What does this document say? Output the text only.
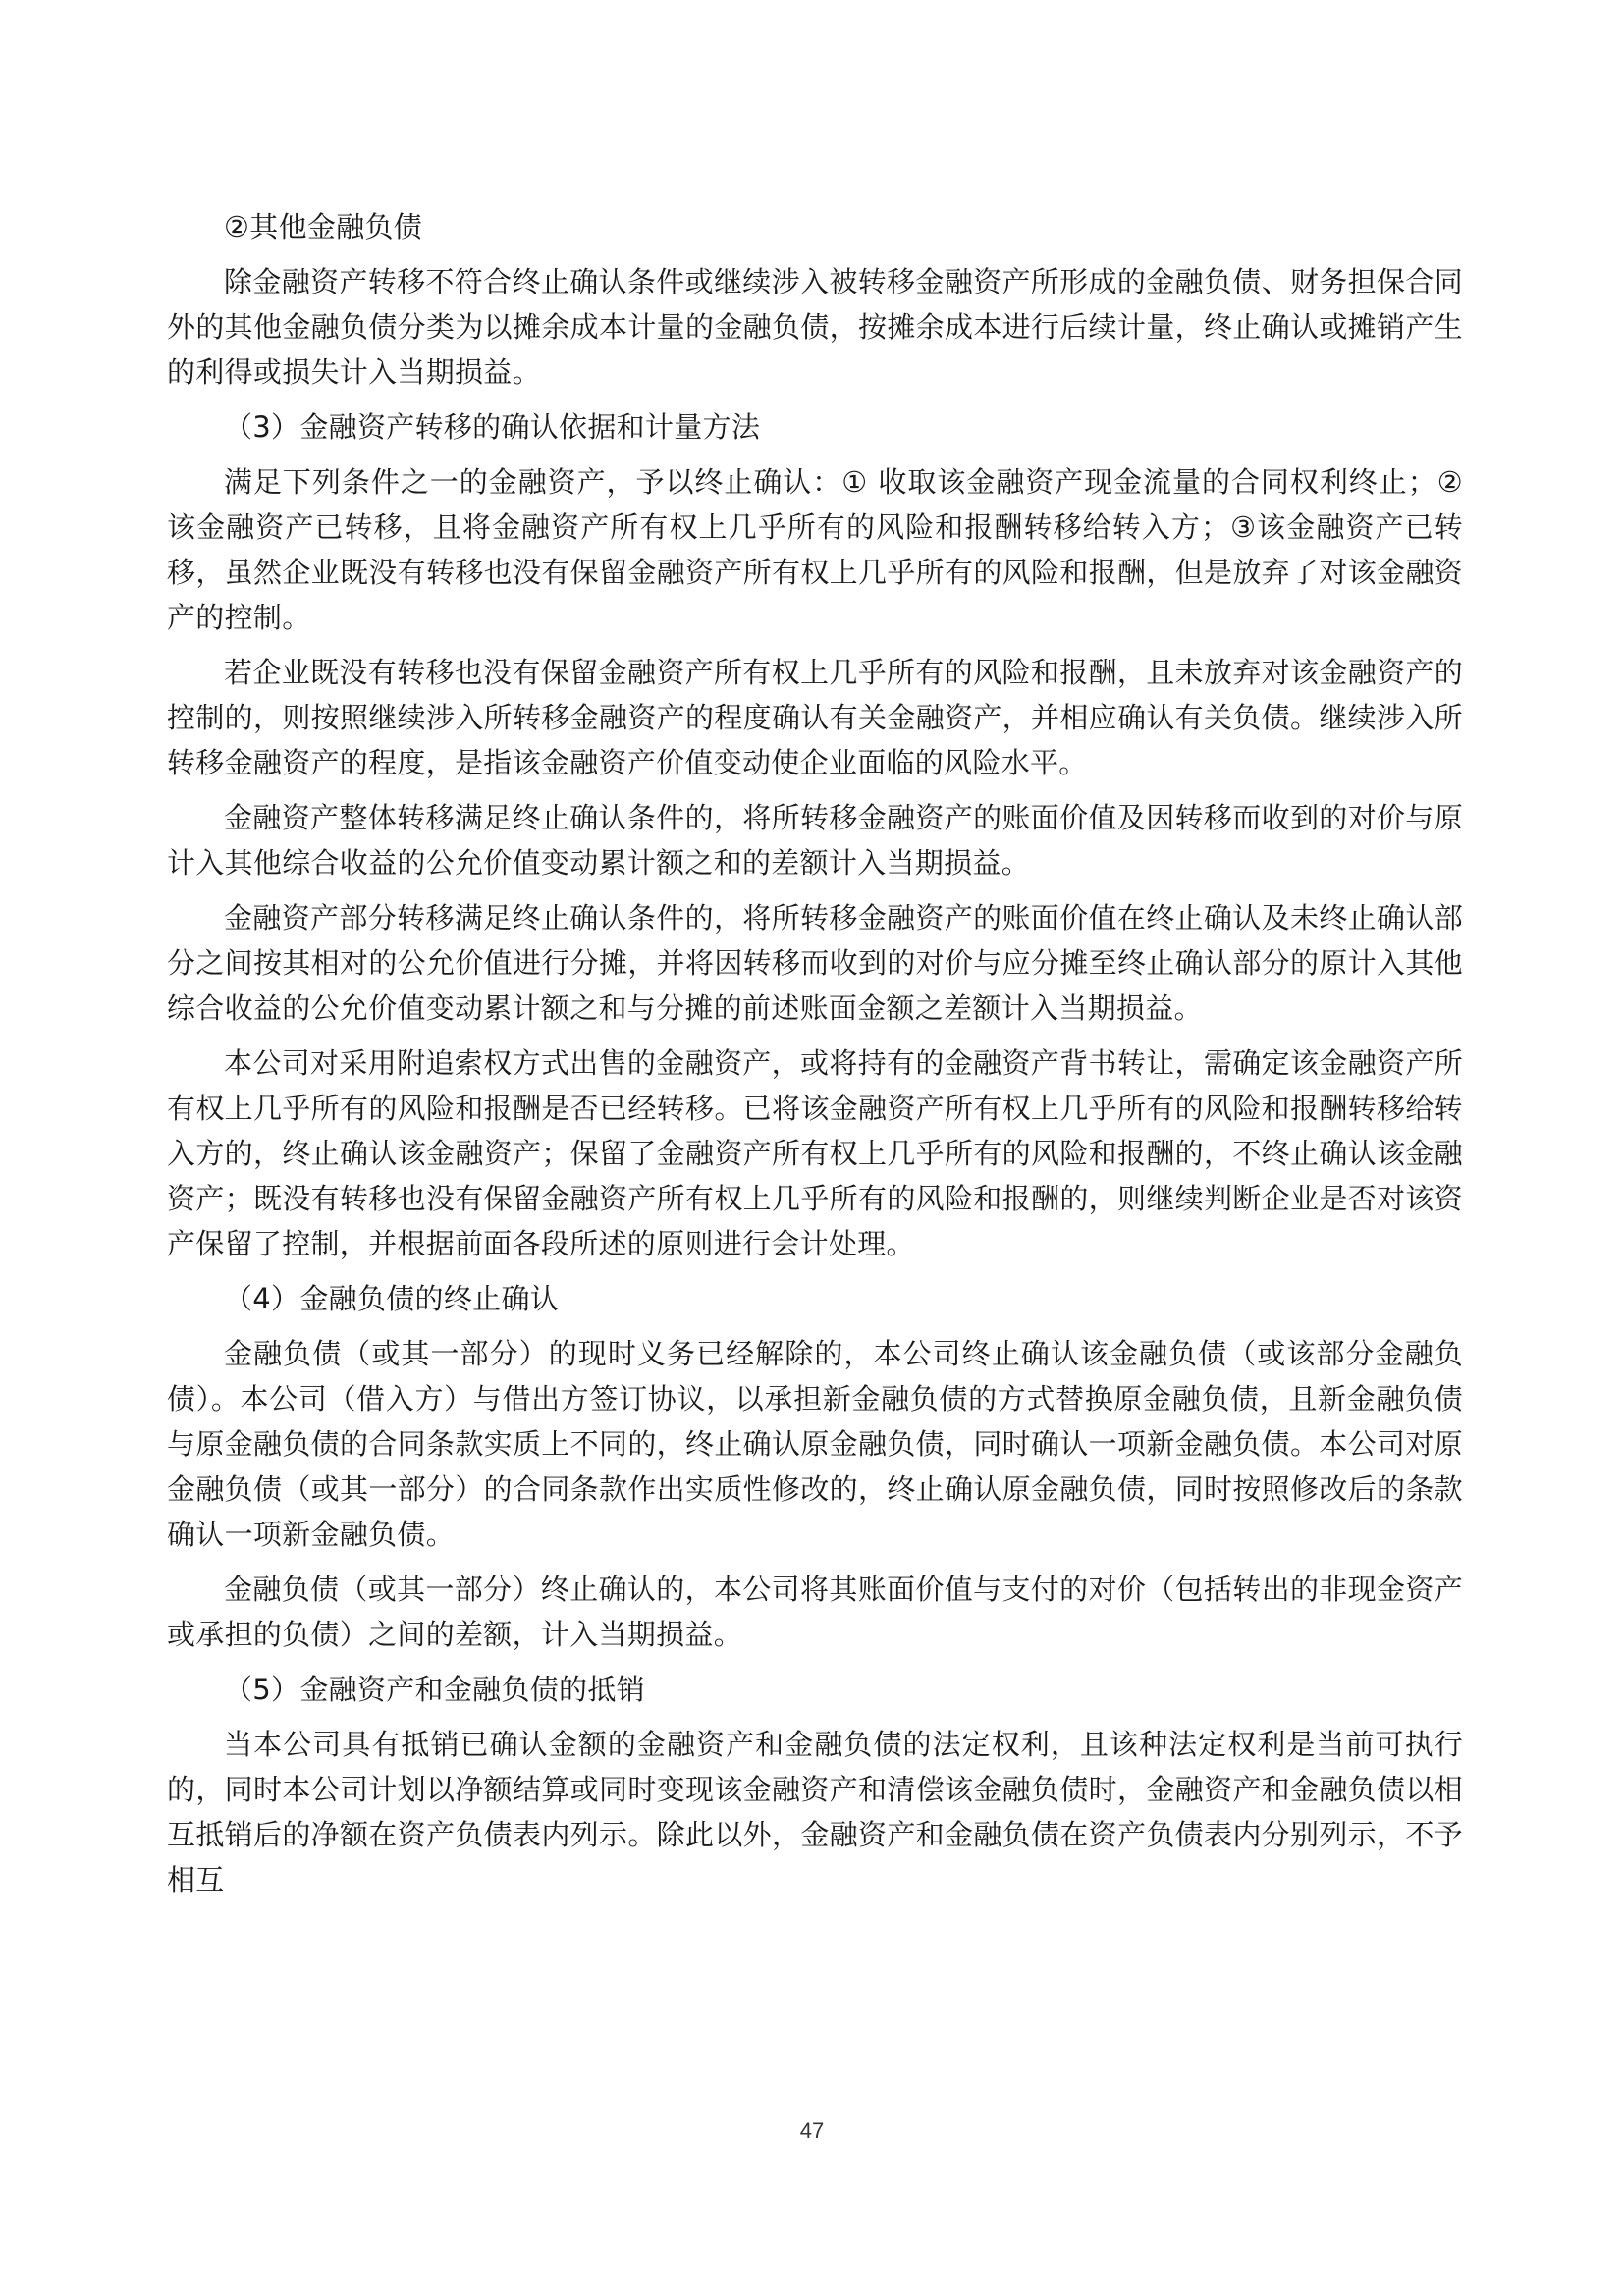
②其他金融负债

除金融资产转移不符合终止确认条件或继续涉入被转移金融资产所形成的金融负债、财务担保合同外的其他金融负债分类为以摊余成本计量的金融负债，按摊余成本进行后续计量，终止确认或摊销产生的利得或损失计入当期损益。

（3）金融资产转移的确认依据和计量方法

满足下列条件之一的金融资产，予以终止确认：① 收取该金融资产现金流量的合同权利终止；② 该金融资产已转移，且将金融资产所有权上几乎所有的风险和报酬转移给转入方；③该金融资产已转移，虽然企业既没有转移也没有保留金融资产所有权上几乎所有的风险和报酬，但是放弃了对该金融资产的控制。

若企业既没有转移也没有保留金融资产所有权上几乎所有的风险和报酬，且未放弃对该金融资产的控制的，则按照继续涉入所转移金融资产的程度确认有关金融资产，并相应确认有关负债。继续涉入所转移金融资产的程度，是指该金融资产价值变动使企业面临的风险水平。

金融资产整体转移满足终止确认条件的，将所转移金融资产的账面价值及因转移而收到的对价与原计入其他综合收益的公允价值变动累计额之和的差额计入当期损益。

金融资产部分转移满足终止确认条件的，将所转移金融资产的账面价值在终止确认及未终止确认部分之间按其相对的公允价值进行分摊，并将因转移而收到的对价与应分摊至终止确认部分的原计入其他综合收益的公允价值变动累计额之和与分摊的前述账面金额之差额计入当期损益。

本公司对采用附追索权方式出售的金融资产，或将持有的金融资产背书转让，需确定该金融资产所有权上几乎所有的风险和报酬是否已经转移。已将该金融资产所有权上几乎所有的风险和报酬转移给转入方的，终止确认该金融资产；保留了金融资产所有权上几乎所有的风险和报酬的，不终止确认该金融资产；既没有转移也没有保留金融资产所有权上几乎所有的风险和报酬的，则继续判断企业是否对该资产保留了控制，并根据前面各段所述的原则进行会计处理。

（4）金融负债的终止确认

金融负债（或其一部分）的现时义务已经解除的，本公司终止确认该金融负债（或该部分金融负债）。本公司（借入方）与借出方签订协议，以承担新金融负债的方式替换原金融负债，且新金融负债与原金融负债的合同条款实质上不同的，终止确认原金融负债，同时确认一项新金融负债。本公司对原金融负债（或其一部分）的合同条款作出实质性修改的，终止确认原金融负债，同时按照修改后的条款确认一项新金融负债。

金融负债（或其一部分）终止确认的，本公司将其账面价值与支付的对价（包括转出的非现金资产或承担的负债）之间的差额，计入当期损益。

（5）金融资产和金融负债的抵销

当本公司具有抵销已确认金额的金融资产和金融负债的法定权利，且该种法定权利是当前可执行的，同时本公司计划以净额结算或同时变现该金融资产和清偿该金融负债时，金融资产和金融负债以相互抵销后的净额在资产负债表内列示。除此以外，金融资产和金融负债在资产负债表内分别列示，不予相互

47
